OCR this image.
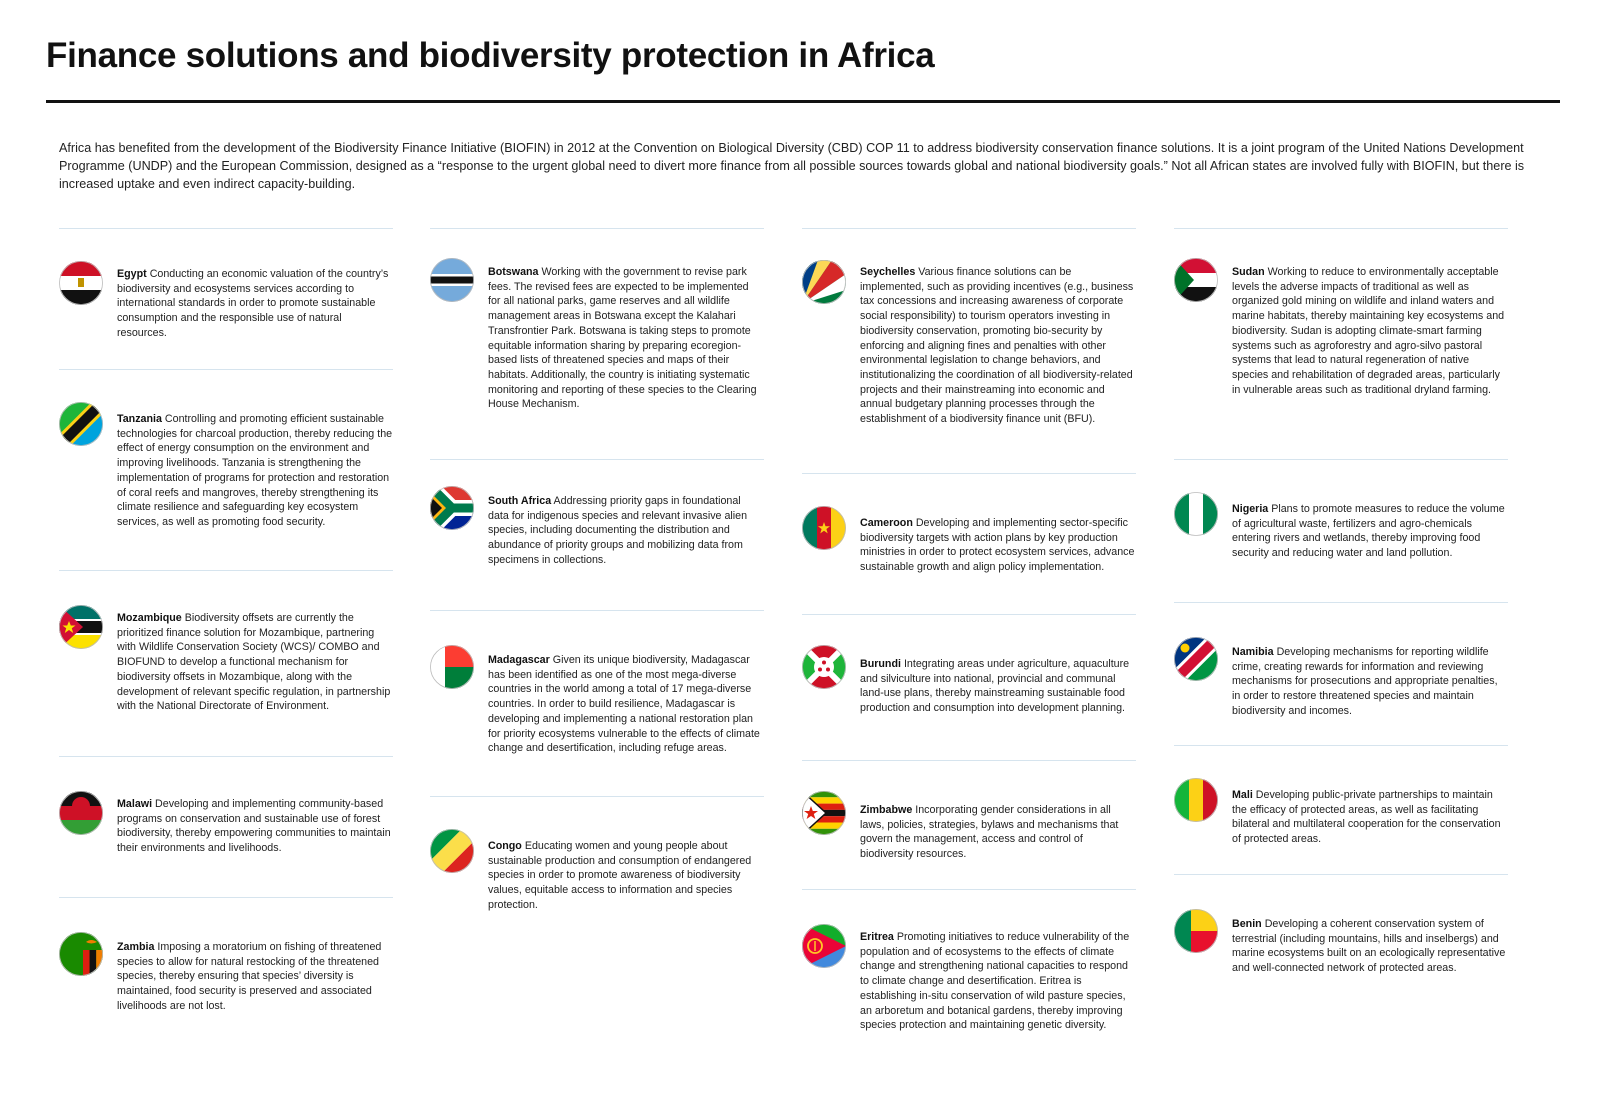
Finance solutions and biodiversity protection in Africa

Africa has benefited from the development of the Biodiversity Finance Initiative (BIOFIN) in 2012 at the Convention on Biological Diversity (CBD) COP 11 to address biodiversity conservation finance solutions. It is a joint program of the United Nations Development Programme (UNDP) and the European Commission, designed as a “response to the urgent global need to divert more finance from all possible sources towards global and national biodiversity goals.” Not all African states are involved fully with BIOFIN, but there is increased uptake and even indirect capacity-building.

Egypt Conducting an economic valuation of the country’s biodiversity and ecosystems services according to international standards in order to promote sustainable consumption and the responsible use of natural resources.

Tanzania Controlling and promoting efficient sustainable technologies for charcoal production, thereby reducing the effect of energy consumption on the environment and improving livelihoods. Tanzania is strengthening the implementation of programs for protection and restoration of coral reefs and mangroves, thereby strengthening its climate resilience and safeguarding key ecosystem services, as well as promoting food security.

Mozambique Biodiversity offsets are currently the prioritized finance solution for Mozambique, partnering with Wildlife Conservation Society (WCS)/ COMBO and BIOFUND to develop a functional mechanism for biodiversity offsets in Mozambique, along with the development of relevant specific regulation, in partnership with the National Directorate of Environment.

Malawi Developing and implementing community-based programs on conservation and sustainable use of forest biodiversity, thereby empowering communities to maintain their environments and livelihoods.

Zambia Imposing a moratorium on fishing of threatened species to allow for natural restocking of the threatened species, thereby ensuring that species’ diversity is maintained, food security is preserved and associated livelihoods are not lost.

Botswana Working with the government to revise park fees. The revised fees are expected to be implemented for all national parks, game reserves and all wildlife management areas in Botswana except the Kalahari Transfrontier Park. Botswana is taking steps to promote equitable information sharing by preparing ecoregion-based lists of threatened species and maps of their habitats. Additionally, the country is initiating systematic monitoring and reporting of these species to the Clearing House Mechanism.

South Africa Addressing priority gaps in foundational data for indigenous species and relevant invasive alien species, including documenting the distribution and abundance of priority groups and mobilizing data from specimens in collections.

Madagascar Given its unique biodiversity, Madagascar has been identified as one of the most mega-diverse countries in the world among a total of 17 mega-diverse countries. In order to build resilience, Madagascar is developing and implementing a national restoration plan for priority ecosystems vulnerable to the effects of climate change and desertification, including refuge areas.

Congo Educating women and young people about sustainable production and consumption of endangered species in order to promote awareness of biodiversity values, equitable access to information and species protection.

Seychelles Various finance solutions can be implemented, such as providing incentives (e.g., business tax concessions and increasing awareness of corporate social responsibility) to tourism operators investing in biodiversity conservation, promoting bio-security by enforcing and aligning fines and penalties with other environmental legislation to change behaviors, and institutionalizing the coordination of all biodiversity-related projects and their mainstreaming into economic and annual budgetary planning processes through the establishment of a biodiversity finance unit (BFU).

Cameroon Developing and implementing sector-specific biodiversity targets with action plans by key production ministries in order to protect ecosystem services, advance sustainable growth and align policy implementation.

Burundi Integrating areas under agriculture, aquaculture and silviculture into national, provincial and communal land-use plans, thereby mainstreaming sustainable food production and consumption into development planning.

Zimbabwe Incorporating gender considerations in all laws, policies, strategies, bylaws and mechanisms that govern the management, access and control of biodiversity resources.

Eritrea Promoting initiatives to reduce vulnerability of the population and of ecosystems to the effects of climate change and strengthening national capacities to respond to climate change and desertification. Eritrea is establishing in-situ conservation of wild pasture species, an arboretum and botanical gardens, thereby improving species protection and maintaining genetic diversity.

Sudan Working to reduce to environmentally acceptable levels the adverse impacts of traditional as well as organized gold mining on wildlife and inland waters and marine habitats, thereby maintaining key ecosystems and biodiversity. Sudan is adopting climate-smart farming systems such as agroforestry and agro-silvo pastoral systems that lead to natural regeneration of native species and rehabilitation of degraded areas, particularly in vulnerable areas such as traditional dryland farming.

Nigeria Plans to promote measures to reduce the volume of agricultural waste, fertilizers and agro-chemicals entering rivers and wetlands, thereby improving food security and reducing water and land pollution.

Namibia Developing mechanisms for reporting wildlife crime, creating rewards for information and reviewing mechanisms for prosecutions and appropriate penalties, in order to restore threatened species and maintain biodiversity and incomes.

Mali Developing public-private partnerships to maintain the efficacy of protected areas, as well as facilitating bilateral and multilateral cooperation for the conservation of protected areas.

Benin Developing a coherent conservation system of terrestrial (including mountains, hills and inselbergs) and marine ecosystems built on an ecologically representative and well-connected network of protected areas.
